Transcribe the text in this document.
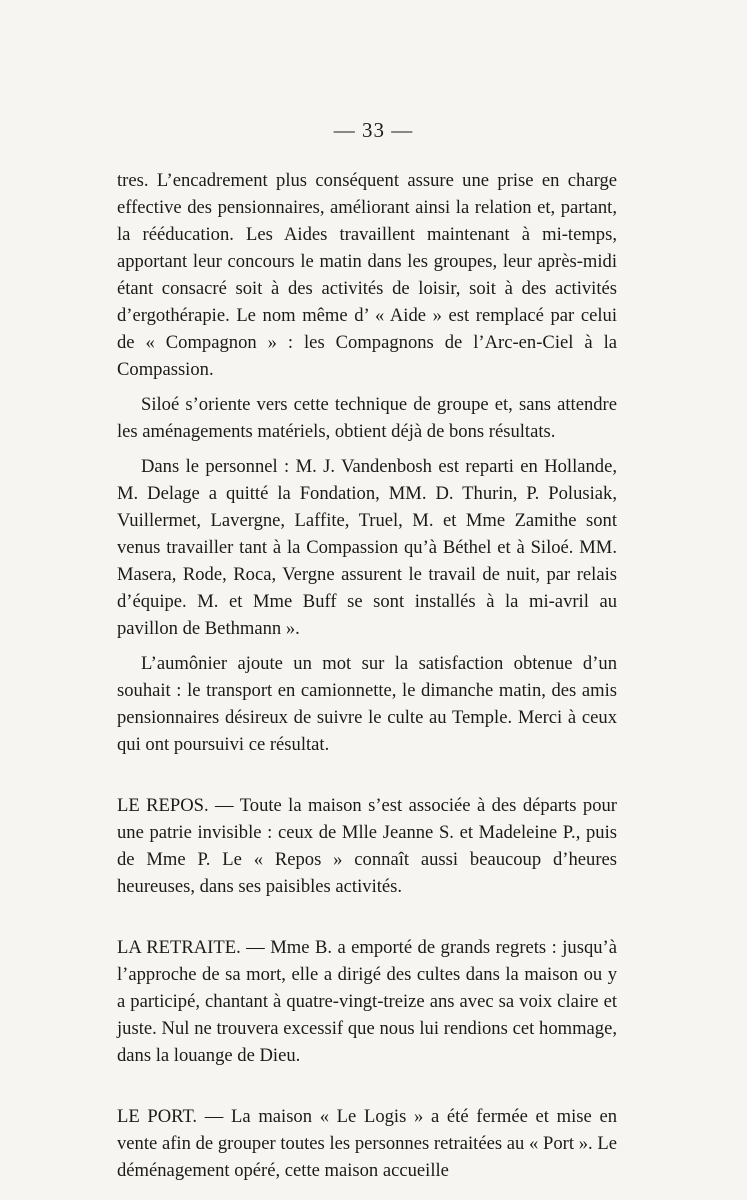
— 33 —

tres. L’encadrement plus conséquent assure une prise en charge effective des pensionnaires, améliorant ainsi la relation et, partant, la rééducation. Les Aides travaillent maintenant à mi-temps, apportant leur concours le matin dans les groupes, leur après-midi étant consacré soit à des activités de loisir, soit à des activités d’ergothérapie. Le nom même d’ « Aide » est remplacé par celui de « Compagnon » : les Compagnons de l’Arc-en-Ciel à la Compassion.

Siloé s’oriente vers cette technique de groupe et, sans attendre les aménagements matériels, obtient déjà de bons résultats.

Dans le personnel : M. J. Vandenbosh est reparti en Hollande, M. Delage a quitté la Fondation, MM. D. Thurin, P. Polusiak, Vuillermet, Lavergne, Laffite, Truel, M. et Mme Zamithe sont venus travailler tant à la Compassion qu’à Béthel et à Siloé. MM. Masera, Rode, Roca, Vergne assurent le travail de nuit, par relais d’équipe. M. et Mme Buff se sont installés à la mi-avril au pavillon de Bethmann ».

L’aumônier ajoute un mot sur la satisfaction obtenue d’un souhait : le transport en camionnette, le dimanche matin, des amis pensionnaires désireux de suivre le culte au Temple. Merci à ceux qui ont poursuivi ce résultat.

LE REPOS. — Toute la maison s’est associée à des départs pour une patrie invisible : ceux de Mlle Jeanne S. et Madeleine P., puis de Mme P. Le « Repos » connaît aussi beaucoup d’heures heureuses, dans ses paisibles activités.

LA RETRAITE. — Mme B. a emporté de grands regrets : jusqu’à l’approche de sa mort, elle a dirigé des cultes dans la maison ou y a participé, chantant à quatre-vingt-treize ans avec sa voix claire et juste. Nul ne trouvera excessif que nous lui rendions cet hommage, dans la louange de Dieu.

LE PORT. — La maison « Le Logis » a été fermée et mise en vente afin de grouper toutes les personnes retraitées au « Port ». Le déménagement opéré, cette maison accueille
